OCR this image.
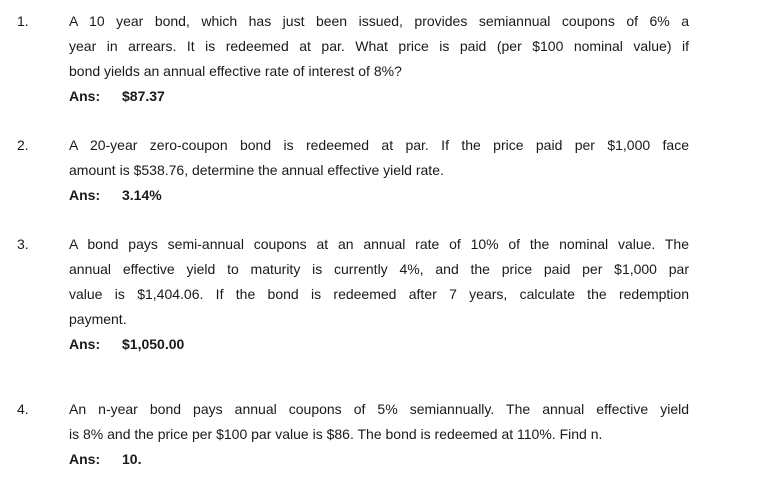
1.	A 10 year bond, which has just been issued, provides semiannual coupons of 6% a
year in arrears. It is redeemed at par. What price is paid (per $100 nominal value) if
bond yields an annual effective rate of interest of 8%?
Ans: $87.37
2.	A 20-year zero-coupon bond is redeemed at par. If the price paid per $1,000 face
amount is $538.76, determine the annual effective yield rate.
Ans: 3.14%
3.	A bond pays semi-annual coupons at an annual rate of 10% of the nominal value. The
annual effective yield to maturity is currently 4%, and the price paid per $1,000 par
value is $1,404.06. If the bond is redeemed after 7 years, calculate the redemption
payment.
Ans: $1,050.00
4.	An n-year bond pays annual coupons of 5% semiannually. The annual effective yield
is 8% and the price per $100 par value is $86. The bond is redeemed at 110%. Find n.
Ans: 10.
